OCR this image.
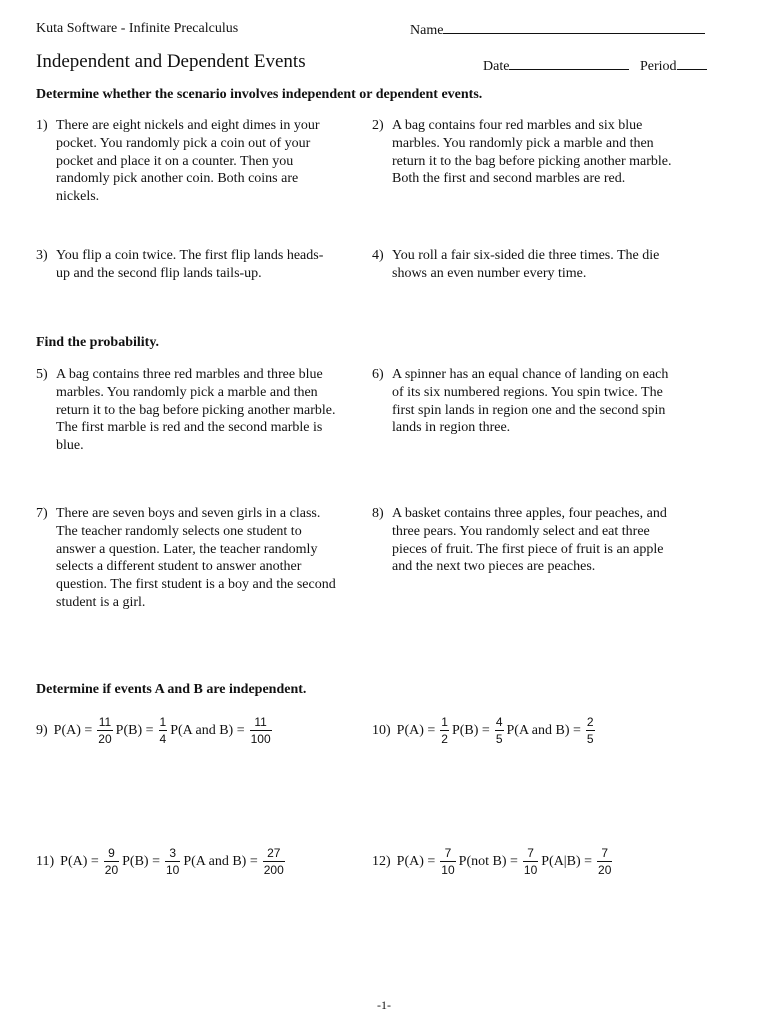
Kuta Software - Infinite Precalculus	Name
Independent and Dependent Events	Date	Period
Determine whether the scenario involves independent or dependent events.
1) There are eight nickels and eight dimes in your pocket. You randomly pick a coin out of your pocket and place it on a counter. Then you randomly pick another coin. Both coins are nickels.
2) A bag contains four red marbles and six blue marbles. You randomly pick a marble and then return it to the bag before picking another marble. Both the first and second marbles are red.
3) You flip a coin twice. The first flip lands heads-up and the second flip lands tails-up.
4) You roll a fair six-sided die three times. The die shows an even number every time.
Find the probability.
5) A bag contains three red marbles and three blue marbles. You randomly pick a marble and then return it to the bag before picking another marble. The first marble is red and the second marble is blue.
6) A spinner has an equal chance of landing on each of its six numbered regions. You spin twice. The first spin lands in region one and the second spin lands in region three.
7) There are seven boys and seven girls in a class. The teacher randomly selects one student to answer a question. Later, the teacher randomly selects a different student to answer another question. The first student is a boy and the second student is a girl.
8) A basket contains three apples, four peaches, and three pears. You randomly select and eat three pieces of fruit. The first piece of fruit is an apple and the next two pieces are peaches.
Determine if events A and B are independent.
9) $P(A) = \frac{11}{20} P(B) = \frac{1}{4} P(A$ and $B) = \frac{11}{100}$	10) $P(A) = \frac{1}{2} P(B) = \frac{4}{5} P(A$ and $B) = \frac{2}{5}$
11) $P(A) = \frac{9}{20} P(B) = \frac{3}{10} P(A$ and $B) = \frac{27}{200}$	12) $P(A) = \frac{7}{10} P(not$ $B) = \frac{7}{10} P(A|B) = \frac{7}{20}$
-1-
